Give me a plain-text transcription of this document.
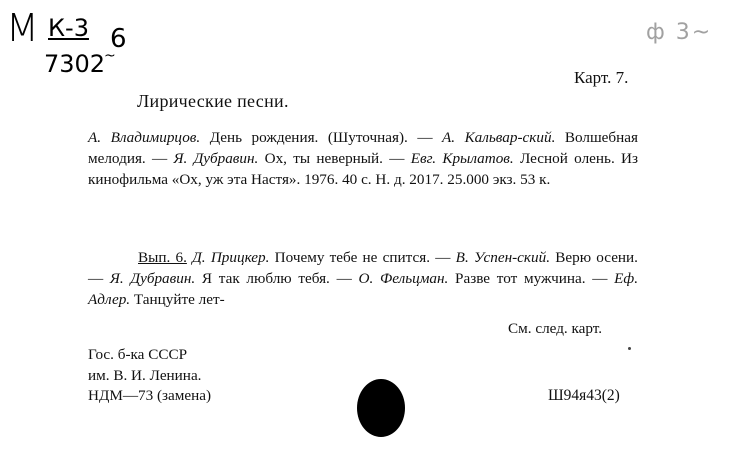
М К-3 6
7302
~
ф 3~
Карт. 7.
Лирические песни.
А. Владимирцов. День рождения. (Шуточная). — А. Кальвар-ский. Волшебная мелодия. — Я. Дубравин. Ох, ты неверный. — Евг. Крылатов. Лесной олень. Из кинофильма «Ох, уж эта Настя». 1976. 40 с. Н. д. 2017. 25.000 экз. 53 к.
Вып. 6. Д. Прицкер. Почему тебе не спится. — В. Успен-ский. Верю осени. — Я. Дубравин. Я так люблю тебя. — О. Фельцман. Разве тот мужчина. — Еф. Адлер. Танцуйте лет-
См. след. карт.
Гос. б-ка СССР
им. В. И. Ленина.
НДМ—73 (замена)	Ш94я43(2)
